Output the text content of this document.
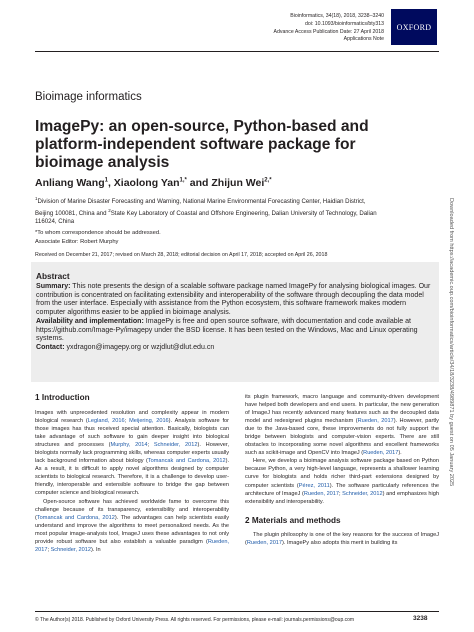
Bioinformatics, 34(18), 2018, 3238–3240
doi: 10.1093/bioinformatics/bty313
Advance Access Publication Date: 27 April 2018
Applications Note
OXFORD
Bioimage informatics
ImagePy: an open-source, Python-based and
platform-independent software package for
bioimage analysis
Anliang Wang$^1$, Xiaolong Yan$^{1,*}$ and Zhijun Wei$^{2,*}$
$^1$Division of Marine Disaster Forecasting and Warning, National Marine Environmental Forecasting Center, Haidian District, Beijing 100081, China and $^2$State Key Laboratory of Coastal and Offshore Engineering, Dalian University of Technology, Dalian 116024, China
*To whom correspondence should be addressed.
Associate Editor: Robert Murphy
Received on December 21, 2017; revised on March 28, 2018; editorial decision on April 17, 2018; accepted on April 26, 2018
Abstract

Summary: This note presents the design of a scalable software package named ImagePy for analysing biological images. Our contribution is concentrated on facilitating extensibility and interoperability of the software through decoupling the data model from the user interface. Especially with assistance from the Python ecosystem, this software framework makes modern computer algorithms easier to be applied in bioimage analysis.

Availability and implementation: ImagePy is free and open source software, with documentation and code available at https://github.com/Image-Py/imagepy under the BSD license. It has been tested on the Windows, Mac and Linux operating systems.

Contact: yxdragon@imagepy.org or wzjdlut@dlut.edu.cn

1 Introduction

Images with unprecedented resolution and complexity appear in modern biological research (Legland, 2016; Meijering, 2016). Analysis software for those images has thus received special attention. Basically, biologists can take advantage of such software to gain deeper insight into biological structures and processes (Murphy, 2014; Schneider, 2012). However, biologists normally lack programming skills, whereas computer experts usually lack background information about biology (Tomancak and Cardona, 2012). As a result, it is difficult to apply novel algorithms designed by computer scientists to biological research. Therefore, it is a challenge to develop user-friendly, interoperable and extensible software to bridge the gap between computer science and biological research.

Open-source software has achieved worldwide fame to overcome this challenge because of its transparency, extensibility and interoperability (Tomancak and Cardona, 2012). The advantages can help scientists easily understand and improve the algorithms to meet personalized needs. As the most popular image-analysis tool, ImageJ uses these advantages to not only provide robust software but also establish a valuable paradigm (Rueden, 2017; Schneider, 2012). In

its plugin framework, macro language and community-driven development have helped both developers and end users. In particular, the new generation of ImageJ has recently advanced many features such as the decoupled data model and redesigned plugins mechanism (Rueden, 2017). However, partly due to the Java-based core, these improvements do not fully support the bridge between biologists and computer-vision experts. There are still obstacles to incorporating some novel algorithms and excellent frameworks such as scikit-image and OpenCV into ImageJ (Rueden, 2017).

Here, we develop a bioimage analysis software package based on Python because Python, a very high-level language, represents a shallower learning curve for biologists and holds richer third-part extensions designed by computer scientists (Pérez, 2011). The software particularly references the architecture of ImageJ (Rueden, 2017; Schneider, 2012) and emphasizes high extensibility and interoperability.

2 Materials and methods

The plugin philosophy is one of the key reasons for the success of ImageJ (Rueden, 2017). ImagePy also adopts this merit in building its

Downloaded from https://academic.oup.com/bioinformatics/article/34/18/3238/4989871 by guest on 05 January 2025
© The Author(s) 2018. Published by Oxford University Press. All rights reserved. For permissions, please e-mail: journals.permissions@oup.com	3238
